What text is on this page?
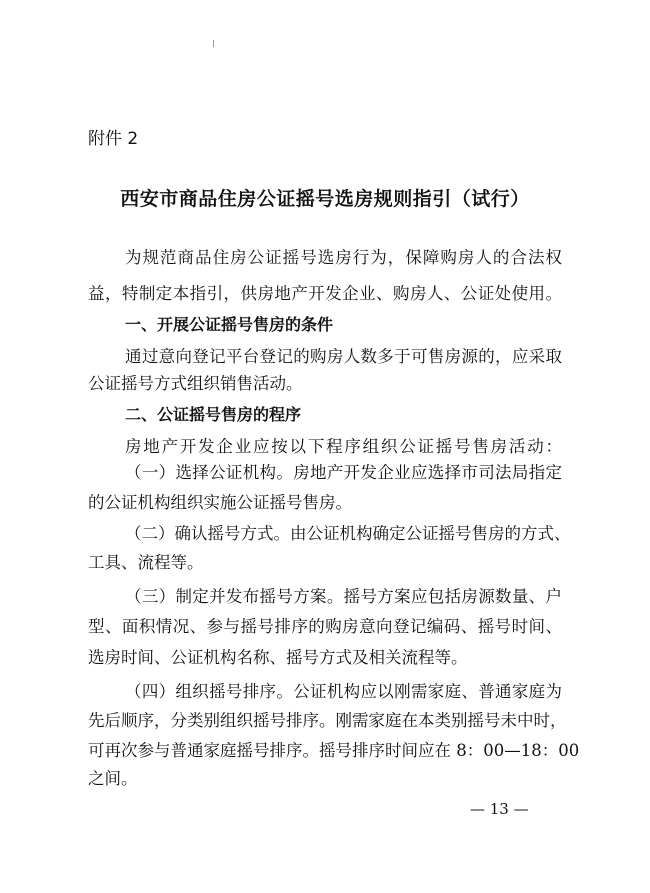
附件 2
西安市商品住房公证摇号选房规则指引（试行）
为规范商品住房公证摇号选房行为，保障购房人的合法权
益，特制定本指引，供房地产开发企业、购房人、公证处使用。
一、开展公证摇号售房的条件
通过意向登记平台登记的购房人数多于可售房源的，应采取
公证摇号方式组织销售活动。
二、公证摇号售房的程序
房地产开发企业应按以下程序组织公证摇号售房活动：
（一）选择公证机构。房地产开发企业应选择市司法局指定
的公证机构组织实施公证摇号售房。
（二）确认摇号方式。由公证机构确定公证摇号售房的方式、
工具、流程等。
（三）制定并发布摇号方案。摇号方案应包括房源数量、户
型、面积情况、参与摇号排序的购房意向登记编码、摇号时间、
选房时间、公证机构名称、摇号方式及相关流程等。
（四）组织摇号排序。公证机构应以刚需家庭、普通家庭为
先后顺序，分类别组织摇号排序。刚需家庭在本类别摇号未中时，
可再次参与普通家庭摇号排序。摇号排序时间应在 8：00—18：00
之间。
— 13 —
